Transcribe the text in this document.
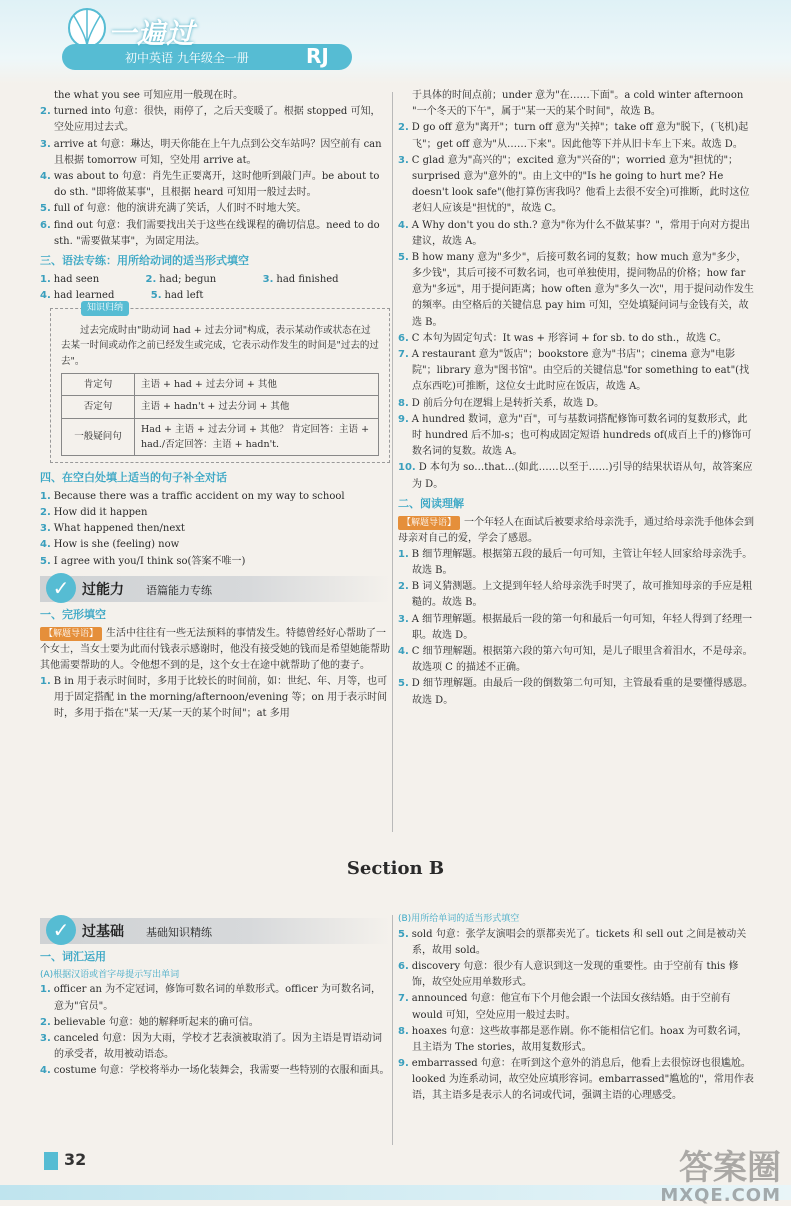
一遍过
初中英语 九年级全一册	RJ

the what you see 可知应用一般现在时。

2. turned into 句意：很快，雨停了，之后天变暖了。根据 stopped 可知，空处应用过去式。

3. arrive at 句意：琳达，明天你能在上午九点到公交车站吗？因空前有 can 且根据 tomorrow 可知，空处用 arrive at。

4. was about to 句意：肖先生正要离开，这时他听到敲门声。be about to do sth. "即将做某事"，且根据 heard 可知用一般过去时。

5. full of 句意：他的演讲充满了笑话，人们时不时地大笑。

6. find out 句意：我们需要找出关于这些在线课程的确切信息。need to do sth. "需要做某事"，为固定用法。

三、语法专练：用所给动词的适当形式填空

1. had seen	2. had; begun	3. had finished

4. had learned	5. had left

知识归纳

过去完成时由"助动词 had + 过去分词"构成，表示某动作或状态在过去某一时间或动作之前已经发生或完成，它表示动作发生的时间是"过去的过去"。

肯定句	主语 + had + 过去分词 + 其他
否定句	主语 + hadn't + 过去分词 + 其他
一般疑问句	Had + 主语 + 过去分词 + 其他？ 肯定回答：主语 + had./否定回答：主语 + hadn't.

四、在空白处填上适当的句子补全对话

1. Because there was a traffic accident on my way to school

2. How did it happen

3. What happened then/next

4. How is she (feeling) now

5. I agree with you/I think so(答案不唯一)

✓ 过能力 语篇能力专练

一、完形填空

【解题导语】 生活中往往有一些无法预料的事情发生。特德曾经好心帮助了一个女士，当女士要为此而付钱表示感谢时，他没有接受她的钱而是希望她能帮助其他需要帮助的人。令他想不到的是，这个女士在途中就帮助了他的妻子。

1. B in 用于表示时间时，多用于比较长的时间前，如：世纪、年、月等，也可用于固定搭配 in the morning/afternoon/evening 等；on 用于表示时间时，多用于指在"某一天/某一天的某个时间"；at 多用

于具体的时间点前；under 意为"在……下面"。a cold winter afternoon "一个冬天的下午"，属于"某一天的某个时间"，故选 B。

2. D go off 意为"离开"；turn off 意为"关掉"；take off 意为"脱下，(飞机)起飞"；get off 意为"从……下来"。因此他等下并从旧卡车上下来。故选 D。

3. C glad 意为"高兴的"；excited 意为"兴奋的"；worried 意为"担忧的"；surprised 意为"意外的"。由上文中的"Is he going to hurt me? He doesn't look safe"(他打算伤害我吗？他看上去很不安全)可推断，此时这位老妇人应该是"担忧的"，故选 C。

4. A Why don't you do sth.? 意为"你为什么不做某事？"，常用于向对方提出建议，故选 A。

5. B how many 意为"多少"，后接可数名词的复数；how much 意为"多少，多少钱"，其后可接不可数名词，也可单独使用，提问物品的价格；how far 意为"多远"，用于提问距离；how often 意为"多久一次"，用于提问动作发生的频率。由空格后的关键信息 pay him 可知，空处填疑问词与金钱有关，故选 B。

6. C 本句为固定句式：It was + 形容词 + for sb. to do sth.，故选 C。

7. A restaurant 意为"饭店"；bookstore 意为"书店"；cinema 意为"电影院"；library 意为"图书馆"。由空后的关键信息"for something to eat"(找点东西吃)可推断，这位女士此时应在饭店，故选 A。

8. D 前后分句在逻辑上是转折关系，故选 D。

9. A hundred 数词，意为"百"，可与基数词搭配修饰可数名词的复数形式，此时 hundred 后不加-s；也可构成固定短语 hundreds of(成百上千的)修饰可数名词的复数。故选 A。

10. D 本句为 so…that…(如此……以至于……)引导的结果状语从句，故答案应为 D。

二、阅读理解

【解题导语】 一个年轻人在面试后被要求给母亲洗手，通过给母亲洗手他体会到母亲对自己的爱，学会了感恩。

1. B 细节理解题。根据第五段的最后一句可知，主管让年轻人回家给母亲洗手。故选 B。

2. B 词义猜测题。上文提到年轻人给母亲洗手时哭了，故可推知母亲的手应是粗糙的。故选 B。

3. A 细节理解题。根据最后一段的第一句和最后一句可知，年轻人得到了经理一职。故选 D。

4. C 细节理解题。根据第六段的第六句可知，是儿子眼里含着泪水，不是母亲。故选项 C 的描述不正确。

5. D 细节理解题。由最后一段的倒数第二句可知，主管最看重的是要懂得感恩。故选 D。

Section B
✓ 过基础 基础知识精练

一、词汇运用

(A)根据汉语或首字母提示写出单词

1. officer an 为不定冠词，修饰可数名词的单数形式。officer 为可数名词，意为"官员"。

2. believable 句意：她的解释听起来的确可信。

3. canceled 句意：因为大雨，学校才艺表演被取消了。因为主语是胃语动词的承受者，故用被动语态。

4. costume 句意：学校将举办一场化装舞会，我需要一些特别的衣服和面具。

(B)用所给单词的适当形式填空

5. sold 句意：张学友演唱会的票都卖光了。tickets 和 sell out 之间是被动关系，故用 sold。

6. discovery 句意：很少有人意识到这一发现的重要性。由于空前有 this 修饰，故空处应用单数形式。

7. announced 句意：他宣布下个月他会跟一个法国女孩结婚。由于空前有 would 可知，空处应用一般过去时。

8. hoaxes 句意：这些故事都是恶作剧。你不能相信它们。hoax 为可数名词，且主语为 The stories，故用复数形式。

9. embarrassed 句意：在听到这个意外的消息后，他看上去很惊讶也很尴尬。looked 为连系动词，故空处应填形容词。embarrassed"尴尬的"，常用作表语，其主语多是表示人的名词或代词，强调主语的心理感受。

32	答案圈
MXQE.COM
